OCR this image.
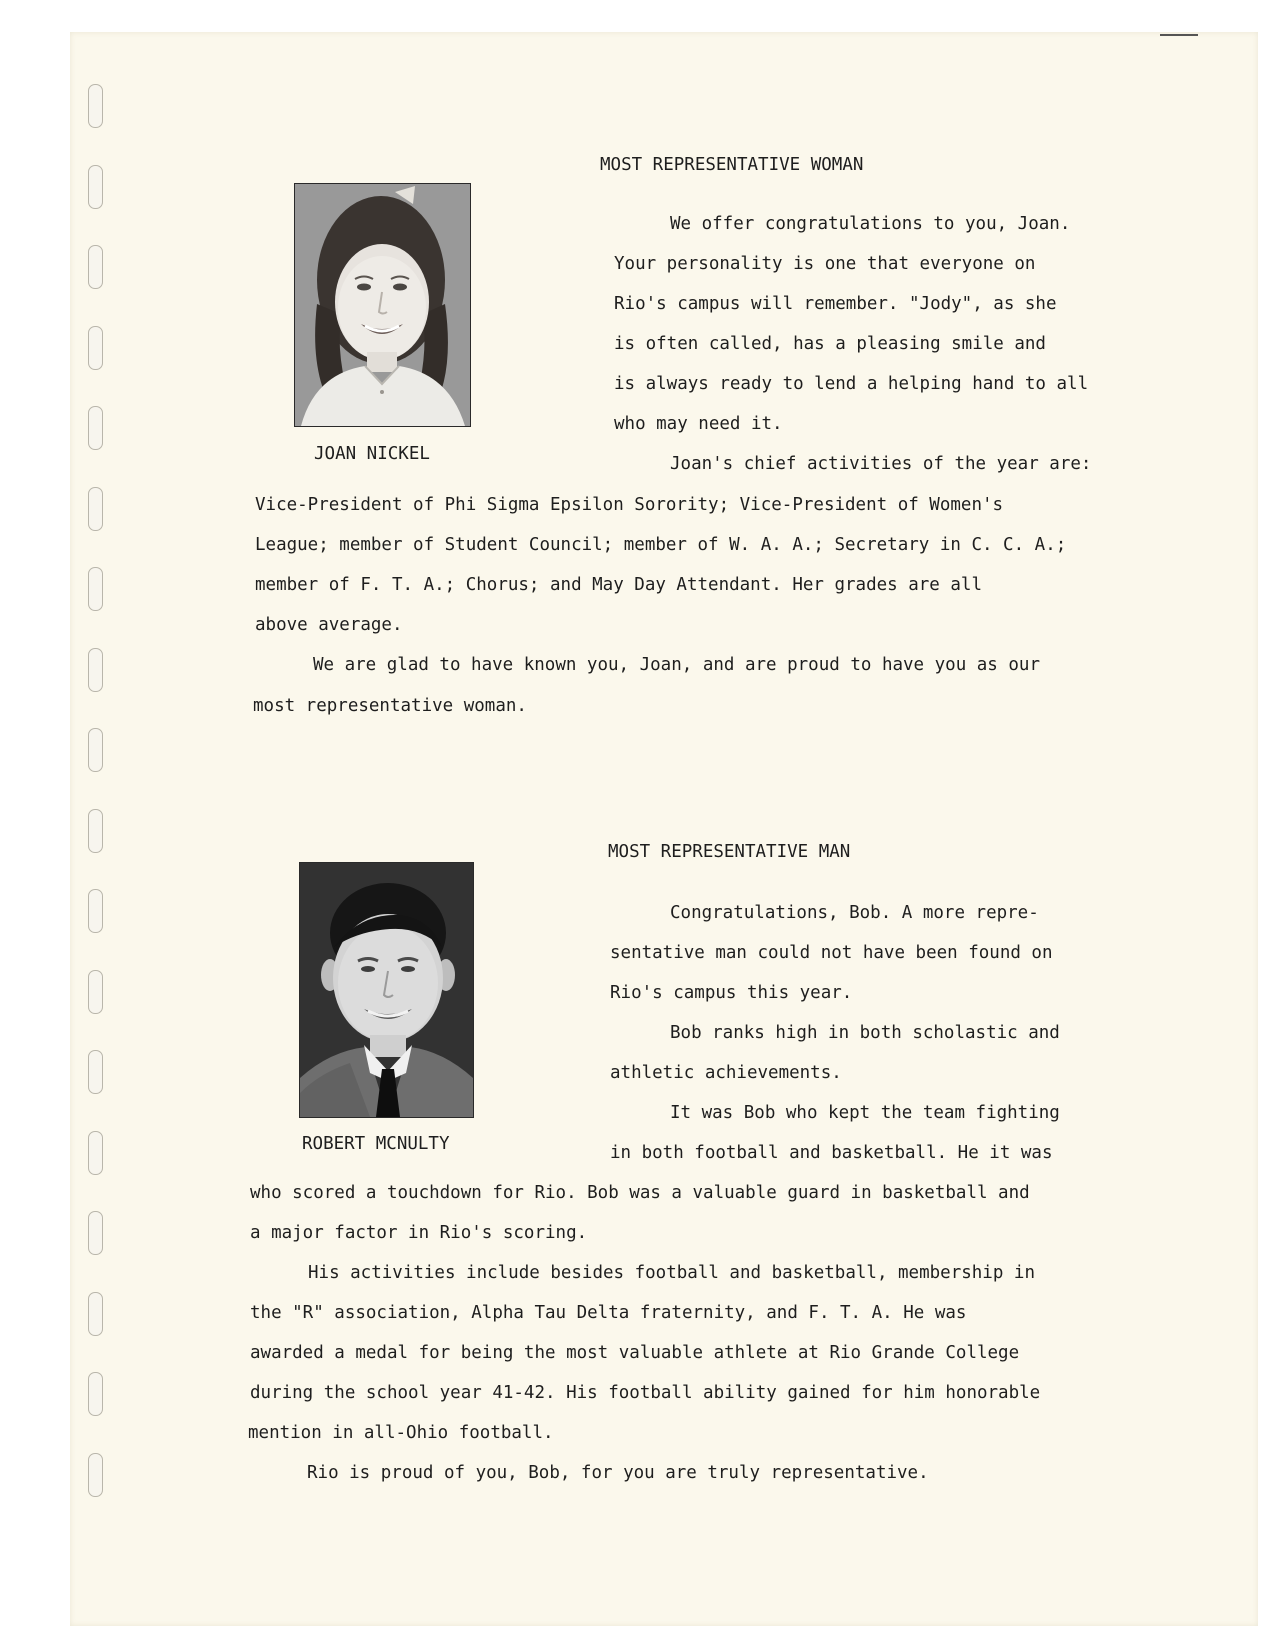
MOST REPRESENTATIVE WOMAN
JOAN NICKEL
We offer congratulations to you, Joan.
Your personality is one that everyone on
Rio's campus will remember. "Jody", as she
is often called, has a pleasing smile and
is always ready to lend a helping hand to all
who may need it.
Joan's chief activities of the year are:
Vice-President of Phi Sigma Epsilon Sorority; Vice-President of Women's
League; member of Student Council; member of W. A. A.; Secretary in C. C. A.;
member of F. T. A.; Chorus; and May Day Attendant. Her grades are all
above average.
We are glad to have known you, Joan, and are proud to have you as our
most representative woman.
MOST REPRESENTATIVE MAN
ROBERT MCNULTY
Congratulations, Bob. A more repre-
sentative man could not have been found on
Rio's campus this year.
Bob ranks high in both scholastic and
athletic achievements.
It was Bob who kept the team fighting
in both football and basketball. He it was
who scored a touchdown for Rio. Bob was a valuable guard in basketball and
a major factor in Rio's scoring.
His activities include besides football and basketball, membership in
the "R" association, Alpha Tau Delta fraternity, and F. T. A. He was
awarded a medal for being the most valuable athlete at Rio Grande College
during the school year 41-42. His football ability gained for him honorable
mention in all-Ohio football.
Rio is proud of you, Bob, for you are truly representative.
